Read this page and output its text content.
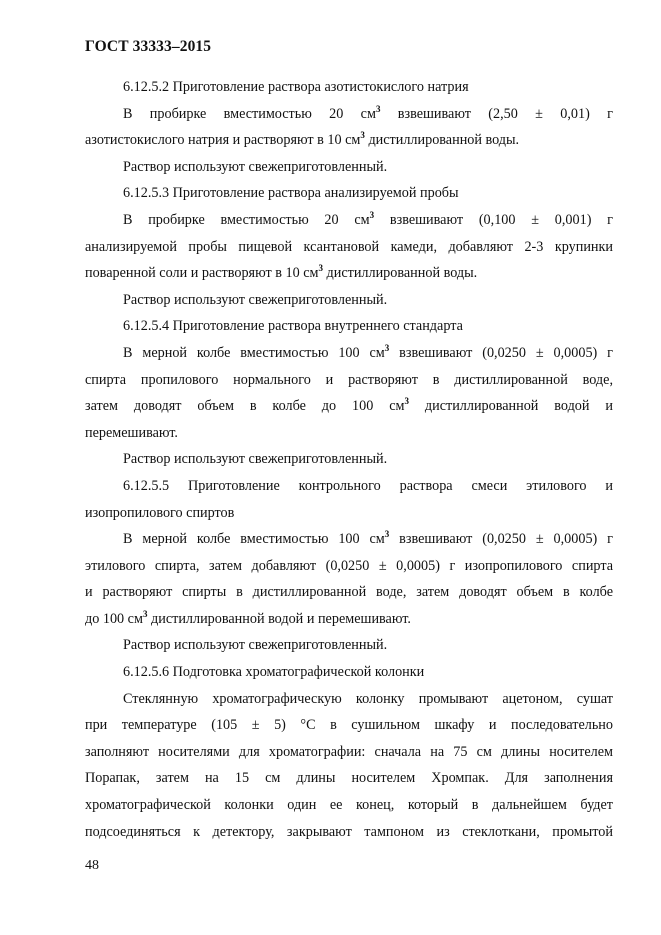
ГОСТ 33333–2015

6.12.5.2 Приготовление раствора азотистокислого натрия

В пробирке вместимостью 20 $см^3$ взвешивают (2,50 ± 0,01) г

азотистокислого натрия и растворяют в 10 $см^3$ дистиллированной воды.

Раствор используют свежеприготовленный.

6.12.5.3 Приготовление раствора анализируемой пробы

В пробирке вместимостью 20 $см^3$ взвешивают (0,100 ± 0,001) г

анализируемой пробы пищевой ксантановой камеди, добавляют 2-3 крупинки

поваренной соли и растворяют в 10 $см^3$ дистиллированной воды.

Раствор используют свежеприготовленный.

6.12.5.4 Приготовление раствора внутреннего стандарта

В мерной колбе вместимостью 100 $см^3$ взвешивают (0,0250 ± 0,0005) г

спирта пропилового нормального и растворяют в дистиллированной воде,

затем доводят объем в колбе до 100 $см^3$ дистиллированной водой и

перемешивают.

Раствор используют свежеприготовленный.

6.12.5.5 Приготовление контрольного раствора смеси этилового и

изопропилового спиртов

В мерной колбе вместимостью 100 $см^3$ взвешивают (0,0250 ± 0,0005) г

этилового спирта, затем добавляют (0,0250 ± 0,0005) г изопропилового спирта

и растворяют спирты в дистиллированной воде, затем доводят объем в колбе

до 100 $см^3$ дистиллированной водой и перемешивают.

Раствор используют свежеприготовленный.

6.12.5.6 Подготовка хроматографической колонки

Стеклянную хроматографическую колонку промывают ацетоном, сушат

при температуре (105 ± 5) °С в сушильном шкафу и последовательно

заполняют носителями для хроматографии: сначала на 75 см длины носителем

Порапак, затем на 15 см длины носителем Хромпак. Для заполнения

хроматографической колонки один ее конец, который в дальнейшем будет

подсоединяться к детектору, закрывают тампоном из стеклоткани, промытой

48
